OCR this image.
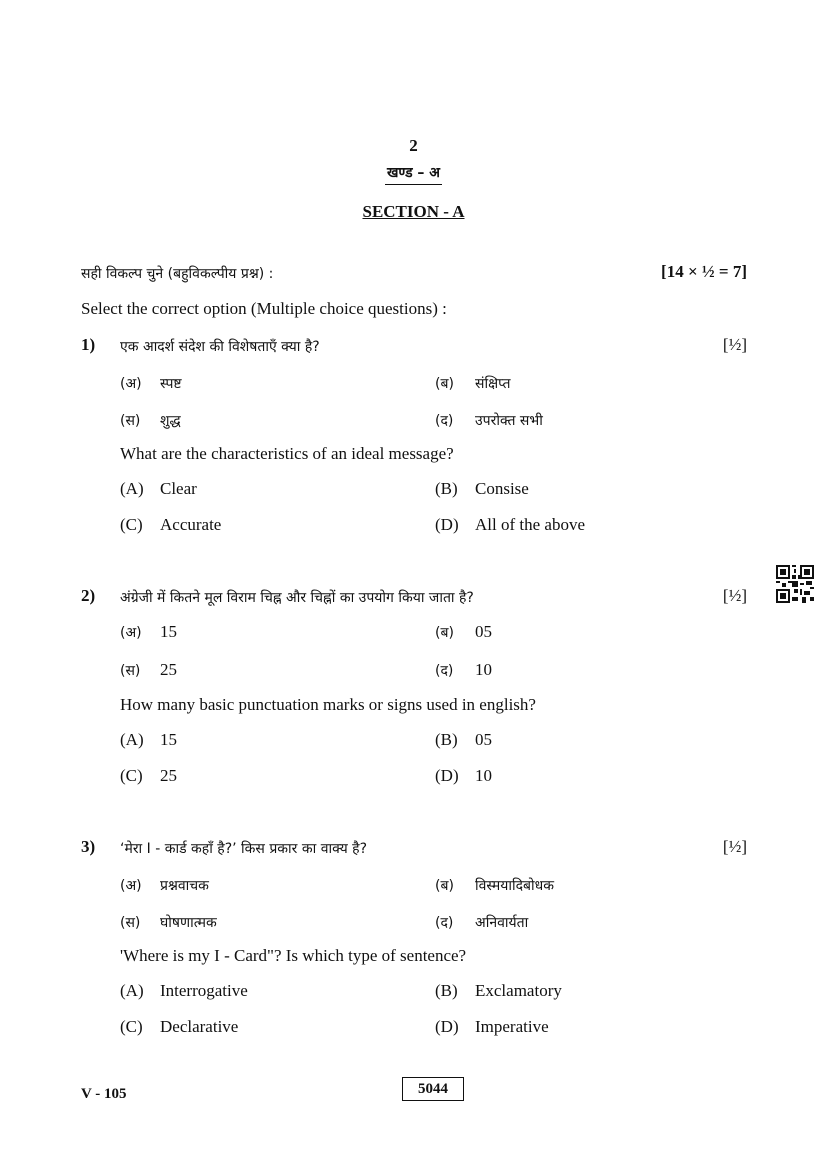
2
खण्ड – अ
SECTION - A
सही विकल्प चुने (बहुविकल्पीय प्रश्न) :	[14 × ½ = 7]
Select the correct option (Multiple choice questions) :
1) एक आदर्श संदेश की विशेषताएँ क्या है?	[½]
(अ) स्पष्ट	(ब) संक्षिप्त
(स) शुद्ध	(द) उपरोक्त सभी
What are the characteristics of an ideal message?
(A) Clear	(B) Consise
(C) Accurate	(D) All of the above
2) अंग्रेजी में कितने मूल विराम चिह्न और चिह्नों का उपयोग किया जाता है?	[½]
(अ) 15	(ब) 05
(स) 25	(द) 10
How many basic punctuation marks or signs used in english?
(A) 15	(B) 05
(C) 25	(D) 10
3) ‘मेरा I - कार्ड कहाँ है?’ किस प्रकार का वाक्य है?	[½]
(अ) प्रश्नवाचक	(ब) विस्मयादिबोधक
(स) घोषणात्मक	(द) अनिवार्यता
'Where is my I - Card"? Is which type of sentence?
(A) Interrogative	(B) Exclamatory
(C) Declarative	(D) Imperative
V - 105	5044
